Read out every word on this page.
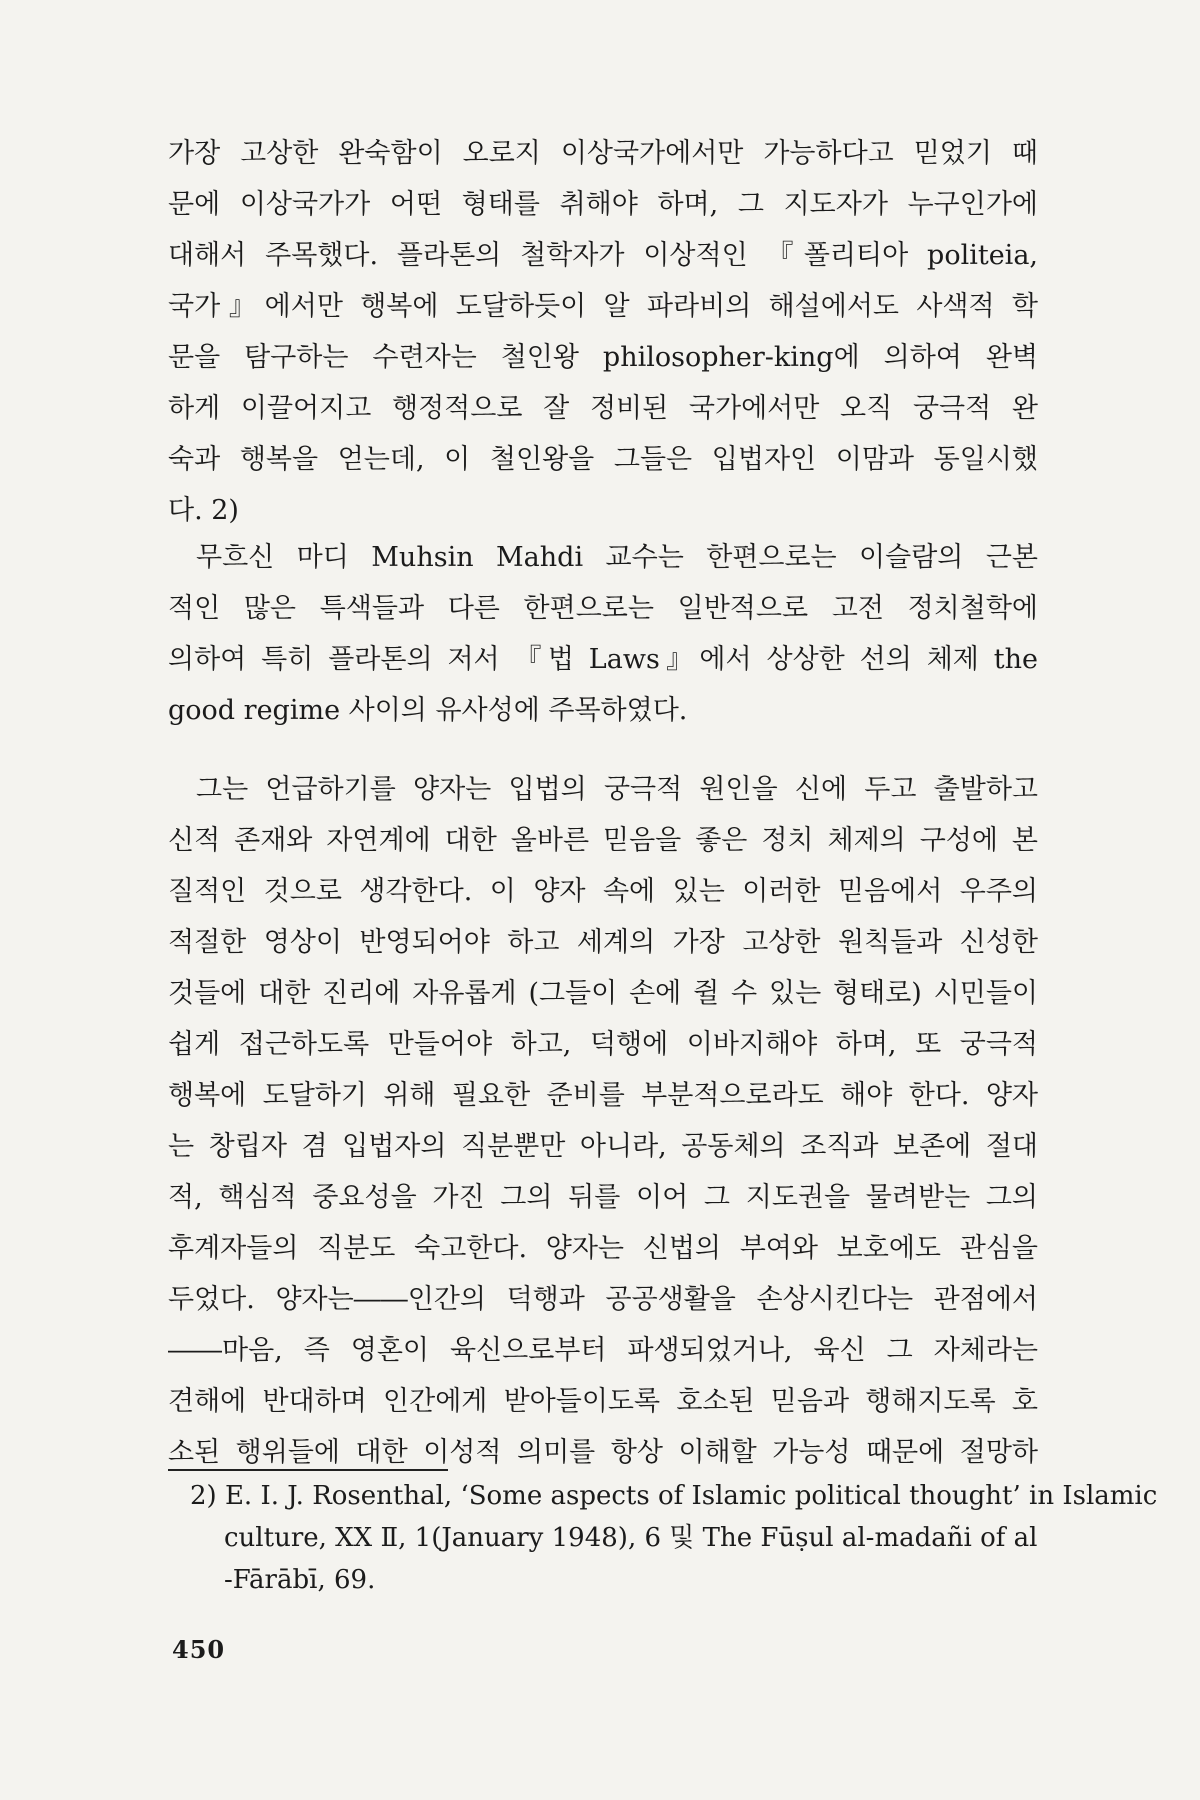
가장 고상한 완숙함이 오로지 이상국가에서만 가능하다고 믿었기 때
문에 이상국가가 어떤 형태를 취해야 하며, 그 지도자가 누구인가에
대해서 주목했다. 플라톤의 철학자가 이상적인 『폴리티아 politeia,
국가』에서만 행복에 도달하듯이 알 파라비의 해설에서도 사색적 학
문을 탐구하는 수련자는 철인왕 philosopher-king에 의하여 완벽
하게 이끌어지고 행정적으로 잘 정비된 국가에서만 오직 궁극적 완
숙과 행복을 얻는데, 이 철인왕을 그들은 입법자인 이맘과 동일시했
다. 2)
무흐신 마디 Muhsin Mahdi 교수는 한편으로는 이슬람의 근본
적인 많은 특색들과 다른 한편으로는 일반적으로 고전 정치철학에
의하여 특히 플라톤의 저서 『법 Laws』에서 상상한 선의 체제 the
good regime 사이의 유사성에 주목하였다.
그는 언급하기를 양자는 입법의 궁극적 원인을 신에 두고 출발하고
신적 존재와 자연계에 대한 올바른 믿음을 좋은 정치 체제의 구성에 본
질적인 것으로 생각한다. 이 양자 속에 있는 이러한 믿음에서 우주의
적절한 영상이 반영되어야 하고 세계의 가장 고상한 원칙들과 신성한
것들에 대한 진리에 자유롭게 (그들이 손에 쥘 수 있는 형태로) 시민들이
쉽게 접근하도록 만들어야 하고, 덕행에 이바지해야 하며, 또 궁극적
행복에 도달하기 위해 필요한 준비를 부분적으로라도 해야 한다. 양자
는 창립자 겸 입법자의 직분뿐만 아니라, 공동체의 조직과 보존에 절대
적, 핵심적 중요성을 가진 그의 뒤를 이어 그 지도권을 물려받는 그의
후계자들의 직분도 숙고한다. 양자는 신법의 부여와 보호에도 관심을
두었다. 양자는――인간의 덕행과 공공생활을 손상시킨다는 관점에서
――마음, 즉 영혼이 육신으로부터 파생되었거나, 육신 그 자체라는
견해에 반대하며 인간에게 받아들이도록 호소된 믿음과 행해지도록 호
소된 행위들에 대한 이성적 의미를 항상 이해할 가능성 때문에 절망하
2) E. I. J. Rosenthal, ‘Some aspects of Islamic political thought’ in Islamic
culture, XX Ⅱ, 1(January 1948), 6 및 The Fūṣul al-madañi of al
-Fārābī, 69.
450
